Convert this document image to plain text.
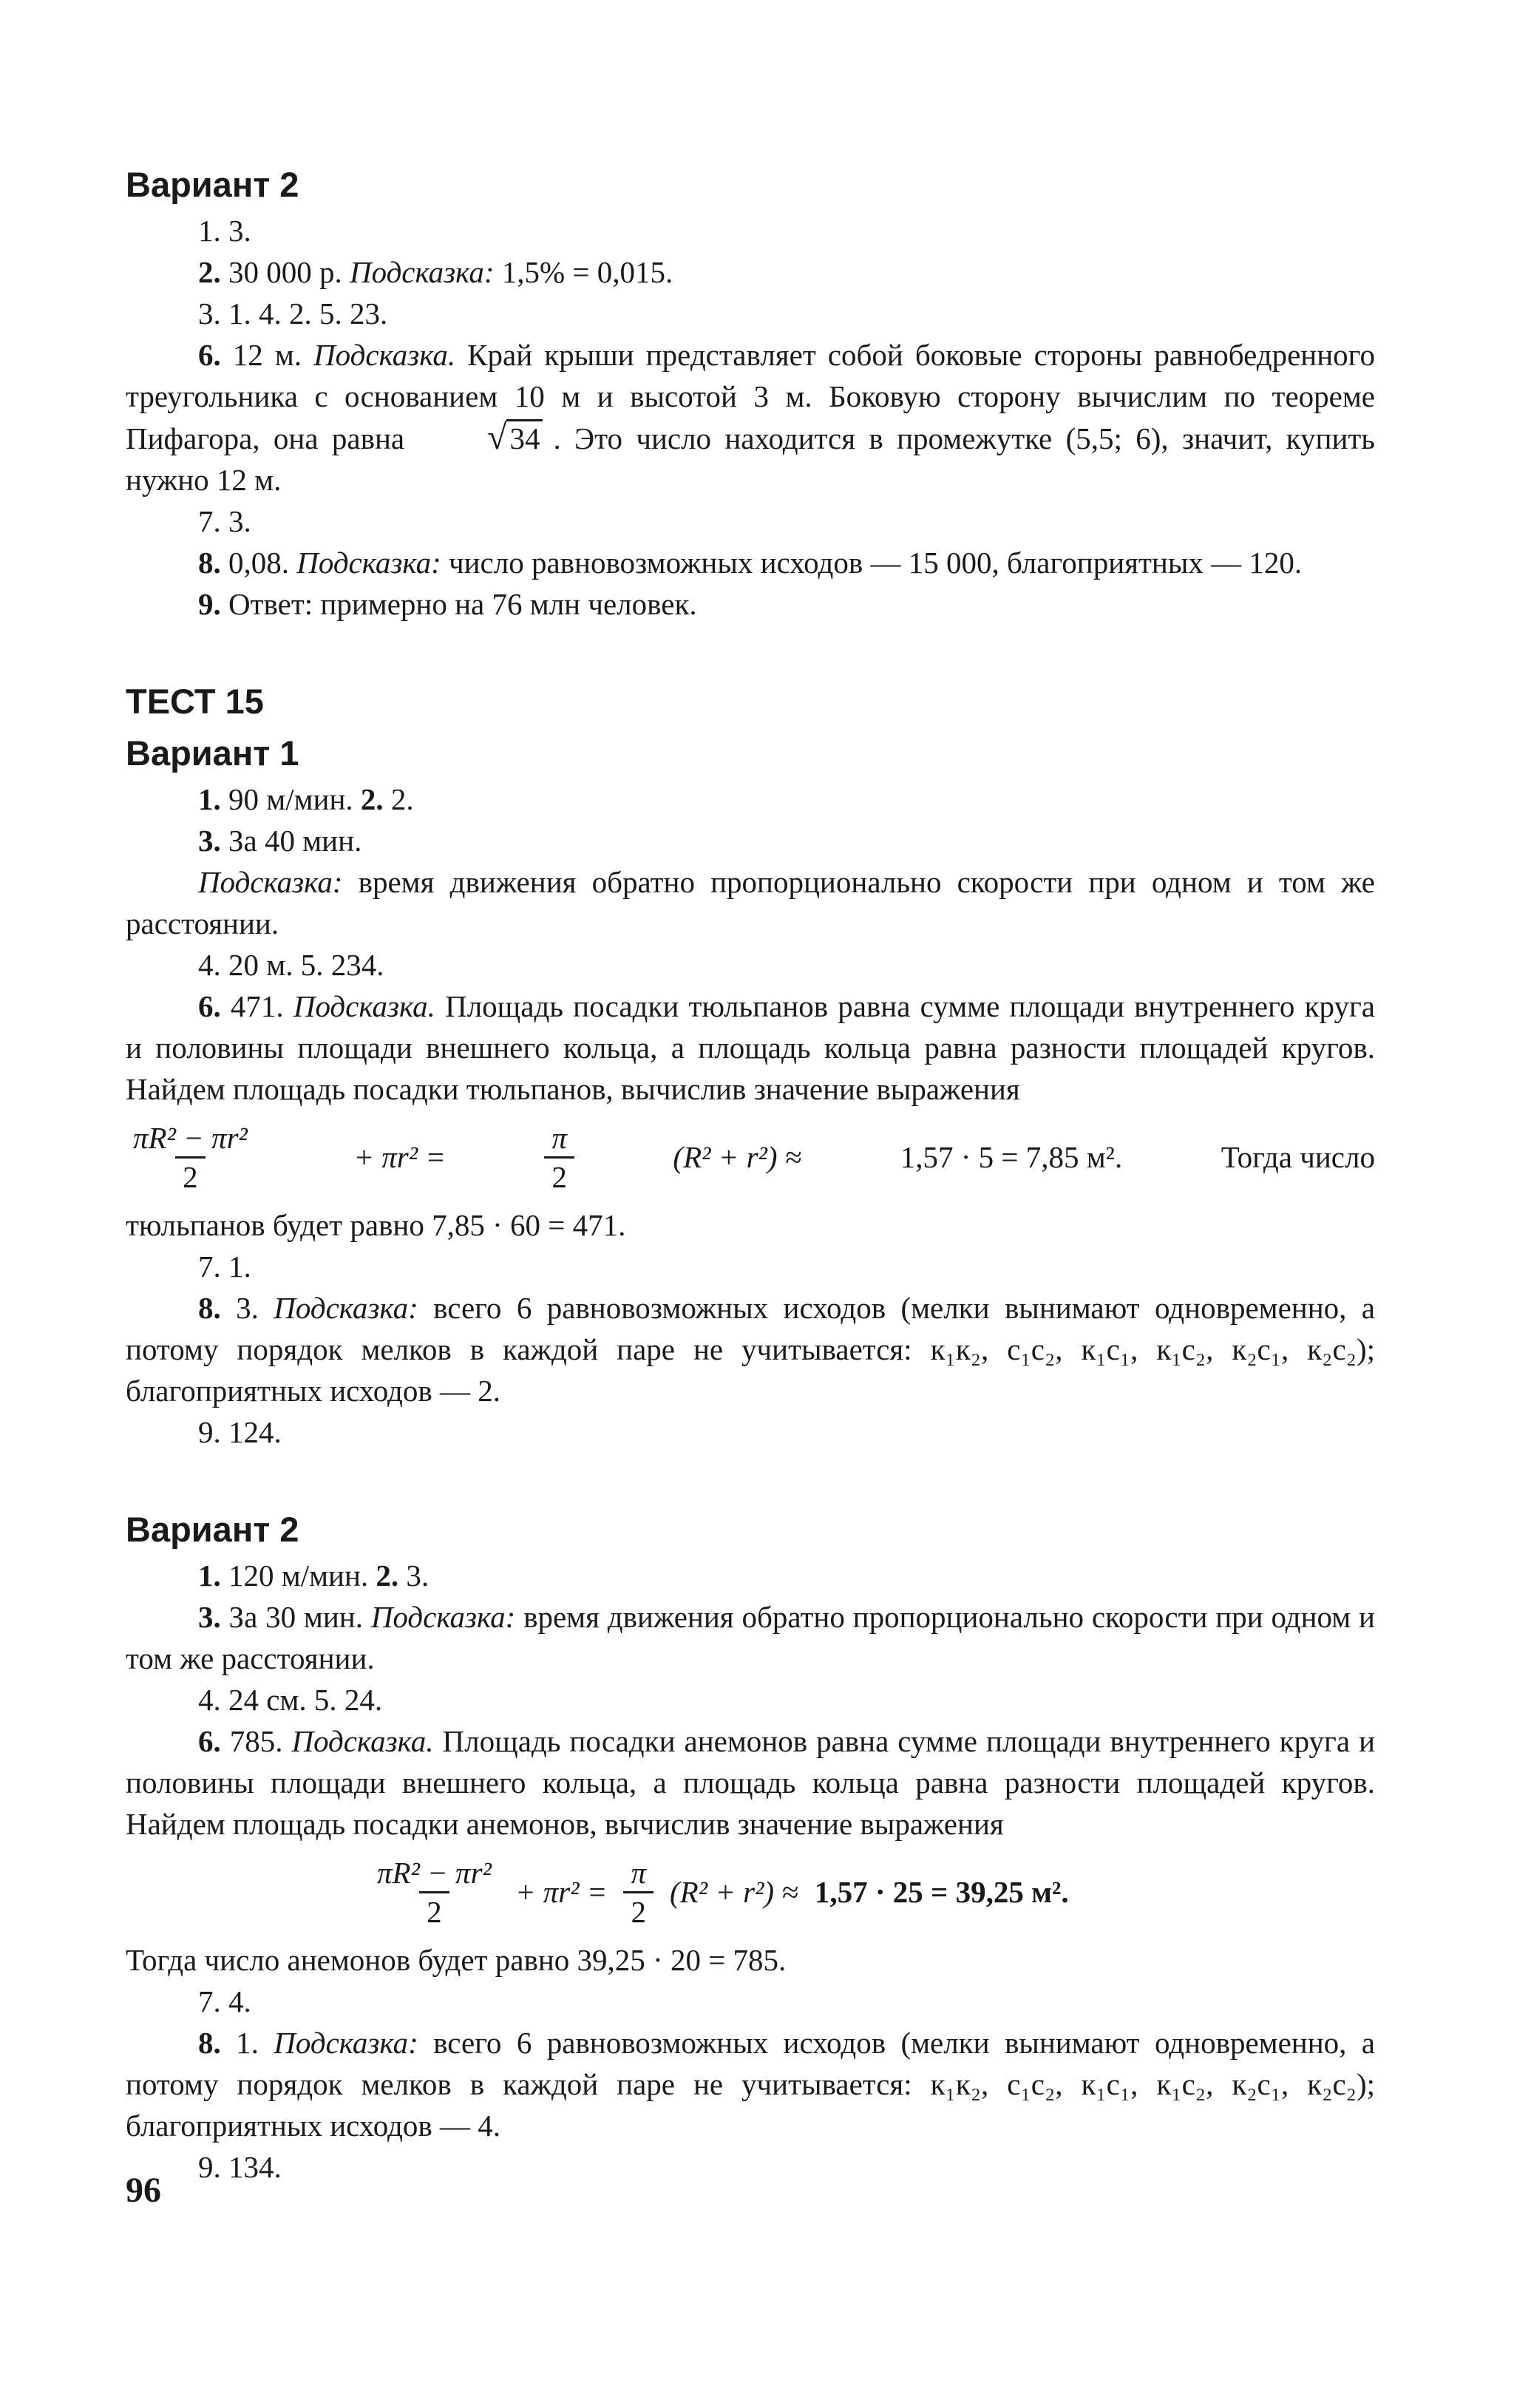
Вариант 2
1. 3.
2. 30 000 р. Подсказка: 1,5% = 0,015.
3. 1. 4. 2. 5. 23.
6. 12 м. Подсказка. Край крыши представляет собой боковые стороны равнобедренного треугольника с основанием 10 м и высотой 3 м. Боковую сторону вычислим по теореме Пифагора, она равна √34 . Это число находится в промежутке (5,5; 6), значит, купить нужно 12 м.
7. 3.
8. 0,08. Подсказка: число равновозможных исходов — 15 000, благоприятных — 120.
9. Ответ: примерно на 76 млн человек.
ТЕСТ 15
Вариант 1
1. 90 м/мин. 2. 2.
3. За 40 мин.
Подсказка: время движения обратно пропорционально скорости при одном и том же расстоянии.
4. 20 м. 5. 234.
6. 471. Подсказка. Площадь посадки тюльпанов равна сумме площади внутреннего круга и половины площади внешнего кольца, а площадь кольца равна разности площадей кругов. Найдем площадь посадки тюльпанов, вычислив значение выражения
$\frac{\text{πR² − πr²}}{2}$	+ πr² =	$\frac{\pi}{2}$	(R² + r²) ≈	1,57 · 5 = 7,85 м².	Тогда число
тюльпанов будет равно 7,85 · 60 = 471.
7. 1.
8. 3. Подсказка: всего 6 равновозможных исходов (мелки вынимают одновременно, а потому порядок мелков в каждой паре не учитывается: к₁к₂, с₁с₂, к₁с₁, к₁с₂, к₂с₁, к₂с₂); благоприятных исходов — 2.
9. 124.
Вариант 2
1. 120 м/мин. 2. 3.
3. За 30 мин. Подсказка: время движения обратно пропорционально скорости при одном и том же расстоянии.
4. 24 см. 5. 24.
6. 785. Подсказка. Площадь посадки анемонов равна сумме площади внутреннего круга и половины площади внешнего кольца, а площадь кольца равна разности площадей кругов. Найдем площадь посадки анемонов, вычислив значение выражения
$\frac{\text{πR² − πr²}}{2} + \pi r^2 = \frac{\pi}{2} (R^2 + r^2) \approx 1,57 \cdot 25 = 39,25$ м².
Тогда число анемонов будет равно 39,25 · 20 = 785.
7. 4.
8. 1. Подсказка: всего 6 равновозможных исходов (мелки вынимают одновременно, а потому порядок мелков в каждой паре не учитывается: к₁к₂, с₁с₂, к₁с₁, к₁с₂, к₂с₁, к₂с₂); благоприятных исходов — 4.
9. 134.
96
